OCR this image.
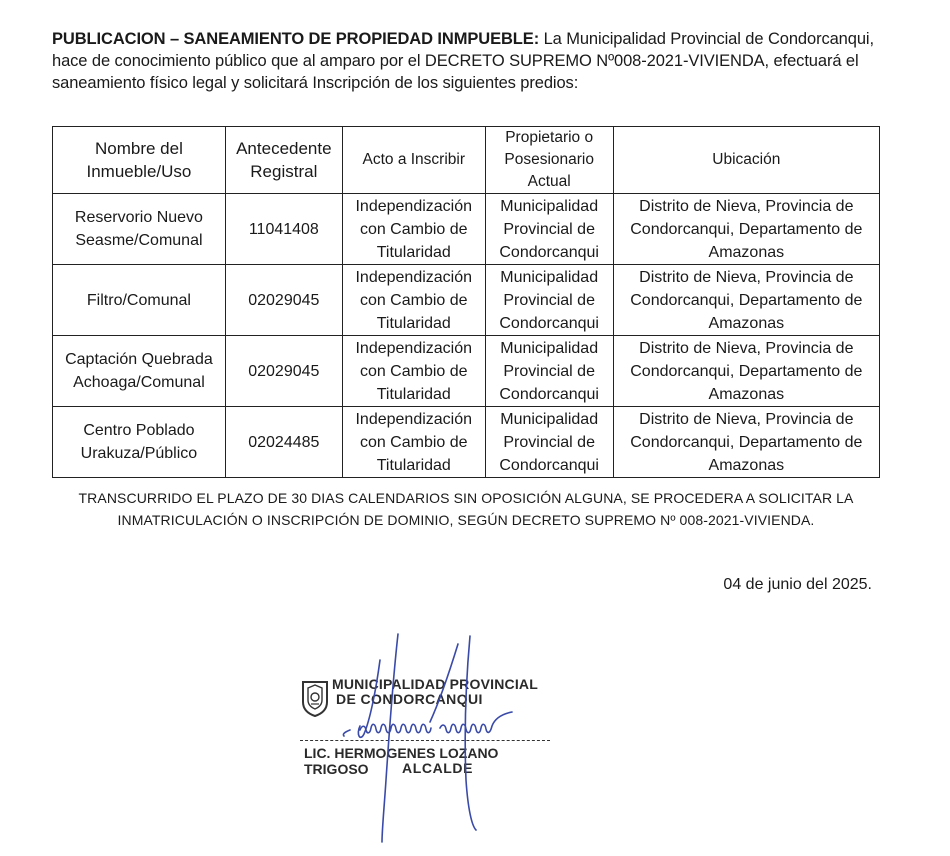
PUBLICACION – SANEAMIENTO DE PROPIEDAD INMPUEBLE: La Municipalidad Provincial de Condorcanqui, hace de conocimiento público que al amparo por el DECRETO SUPREMO Nº008-2021-VIVIENDA, efectuará el saneamiento físico legal y solicitará Inscripción de los siguientes predios:
Nombre del Inmueble/Uso	Antecedente Registral	Acto a Inscribir	Propietario o Posesionario Actual	Ubicación
Reservorio Nuevo Seasme/Comunal	11041408	Independización con Cambio de Titularidad	Municipalidad Provincial de Condorcanqui	Distrito de Nieva, Provincia de Condorcanqui, Departamento de Amazonas
Filtro/Comunal	02029045	Independización con Cambio de Titularidad	Municipalidad Provincial de Condorcanqui	Distrito de Nieva, Provincia de Condorcanqui, Departamento de Amazonas
Captación Quebrada Achoaga/Comunal	02029045	Independización con Cambio de Titularidad	Municipalidad Provincial de Condorcanqui	Distrito de Nieva, Provincia de Condorcanqui, Departamento de Amazonas
Centro Poblado Urakuza/Público	02024485	Independización con Cambio de Titularidad	Municipalidad Provincial de Condorcanqui	Distrito de Nieva, Provincia de Condorcanqui, Departamento de Amazonas
TRANSCURRIDO EL PLAZO DE 30 DIAS CALENDARIOS SIN OPOSICIÓN ALGUNA, SE PROCEDERA A SOLICITAR LA INMATRICULACIÓN O INSCRIPCIÓN DE DOMINIO, SEGÚN DECRETO SUPREMO Nº 008-2021-VIVIENDA.
04 de junio del 2025.
MUNICIPALIDAD PROVINCIAL
DE CONDORCANQUI
LIC. HERMOGENES LOZANO TRIGOSO	ALCALDE
